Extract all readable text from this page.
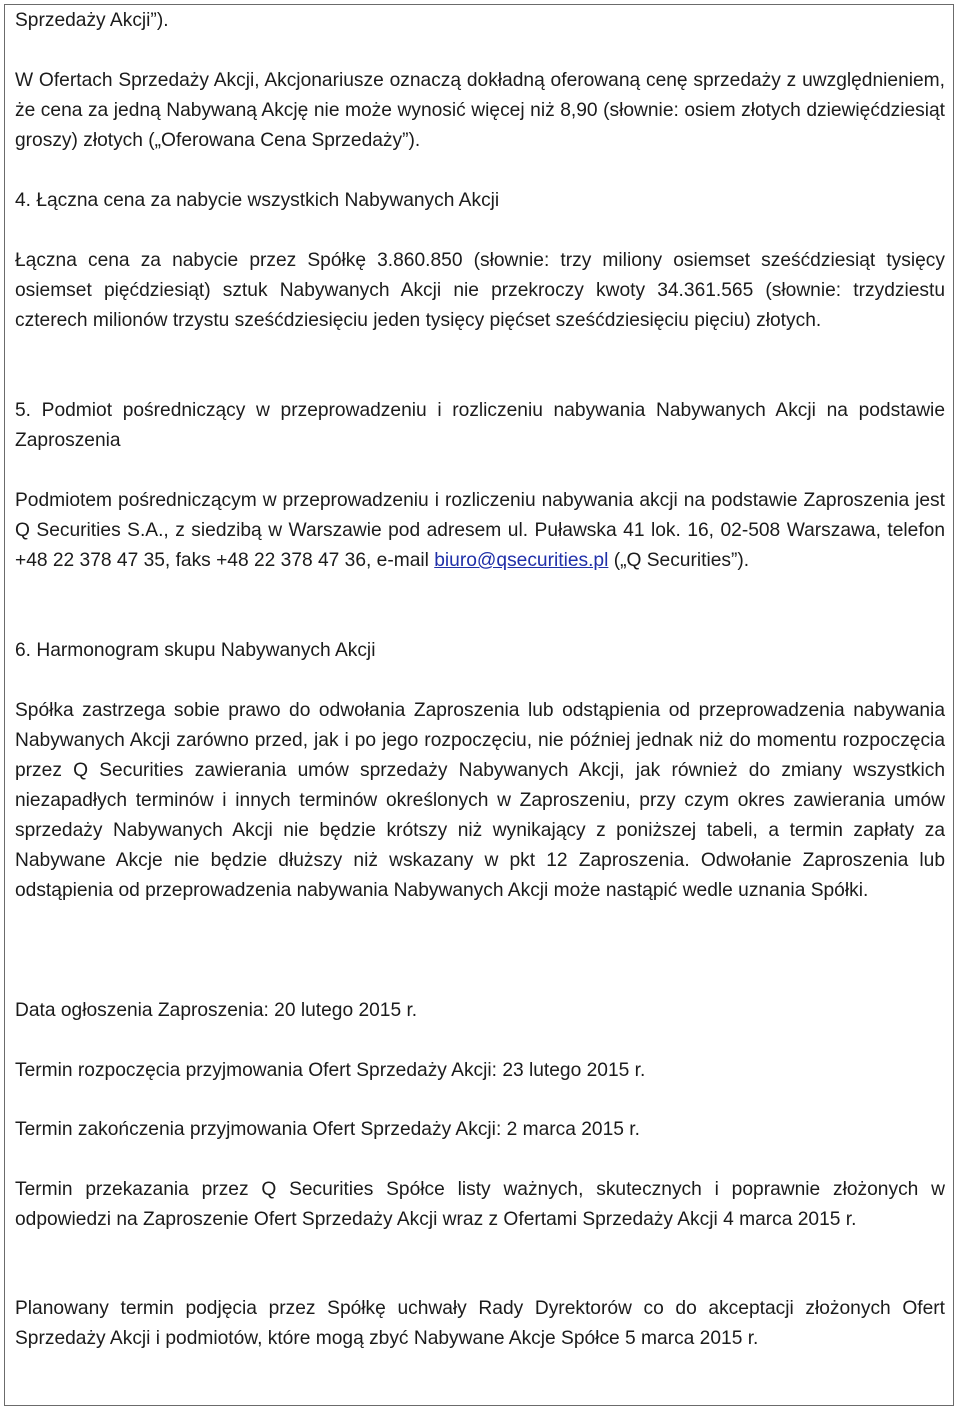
Sprzedaży Akcji”).

W Ofertach Sprzedaży Akcji, Akcjonariusze oznaczą dokładną oferowaną cenę sprzedaży z uwzględnieniem, że cena za jedną Nabywaną Akcję nie może wynosić więcej niż 8,90 (słownie: osiem złotych dziewięćdziesiąt groszy) złotych („Oferowana Cena Sprzedaży”).

4. Łączna cena za nabycie wszystkich Nabywanych Akcji

Łączna cena za nabycie przez Spółkę 3.860.850 (słownie: trzy miliony osiemset sześćdziesiąt tysięcy osiemset pięćdziesiąt) sztuk Nabywanych Akcji nie przekroczy kwoty 34.361.565 (słownie: trzydziestu czterech milionów trzystu sześćdziesięciu jeden tysięcy pięćset sześćdziesięciu pięciu) złotych.

5. Podmiot pośredniczący w przeprowadzeniu i rozliczeniu nabywania Nabywanych Akcji na podstawie Zaproszenia

Podmiotem pośredniczącym w przeprowadzeniu i rozliczeniu nabywania akcji na podstawie Zaproszenia jest Q Securities S.A., z siedzibą w Warszawie pod adresem ul. Puławska 41 lok. 16, 02-508 Warszawa, telefon +48 22 378 47 35, faks +48 22 378 47 36, e-mail biuro@qsecurities.pl („Q Securities”).

6. Harmonogram skupu Nabywanych Akcji

Spółka zastrzega sobie prawo do odwołania Zaproszenia lub odstąpienia od przeprowadzenia nabywania Nabywanych Akcji zarówno przed, jak i po jego rozpoczęciu, nie później jednak niż do momentu rozpoczęcia przez Q Securities zawierania umów sprzedaży Nabywanych Akcji, jak również do zmiany wszystkich niezapadłych terminów i innych terminów określonych w Zaproszeniu, przy czym okres zawierania umów sprzedaży Nabywanych Akcji nie będzie krótszy niż wynikający z poniższej tabeli, a termin zapłaty za Nabywane Akcje nie będzie dłuższy niż wskazany w pkt 12 Zaproszenia. Odwołanie Zaproszenia lub odstąpienia od przeprowadzenia nabywania Nabywanych Akcji może nastąpić wedle uznania Spółki.

Data ogłoszenia Zaproszenia: 20 lutego 2015 r.

Termin rozpoczęcia przyjmowania Ofert Sprzedaży Akcji: 23 lutego 2015 r.

Termin zakończenia przyjmowania Ofert Sprzedaży Akcji: 2 marca 2015 r.

Termin przekazania przez Q Securities Spółce listy ważnych, skutecznych i poprawnie złożonych w odpowiedzi na Zaproszenie Ofert Sprzedaży Akcji wraz z Ofertami Sprzedaży Akcji 4 marca 2015 r.

Planowany termin podjęcia przez Spółkę uchwały Rady Dyrektorów co do akceptacji złożonych Ofert Sprzedaży Akcji i podmiotów, które mogą zbyć Nabywane Akcje Spółce 5 marca 2015 r.
